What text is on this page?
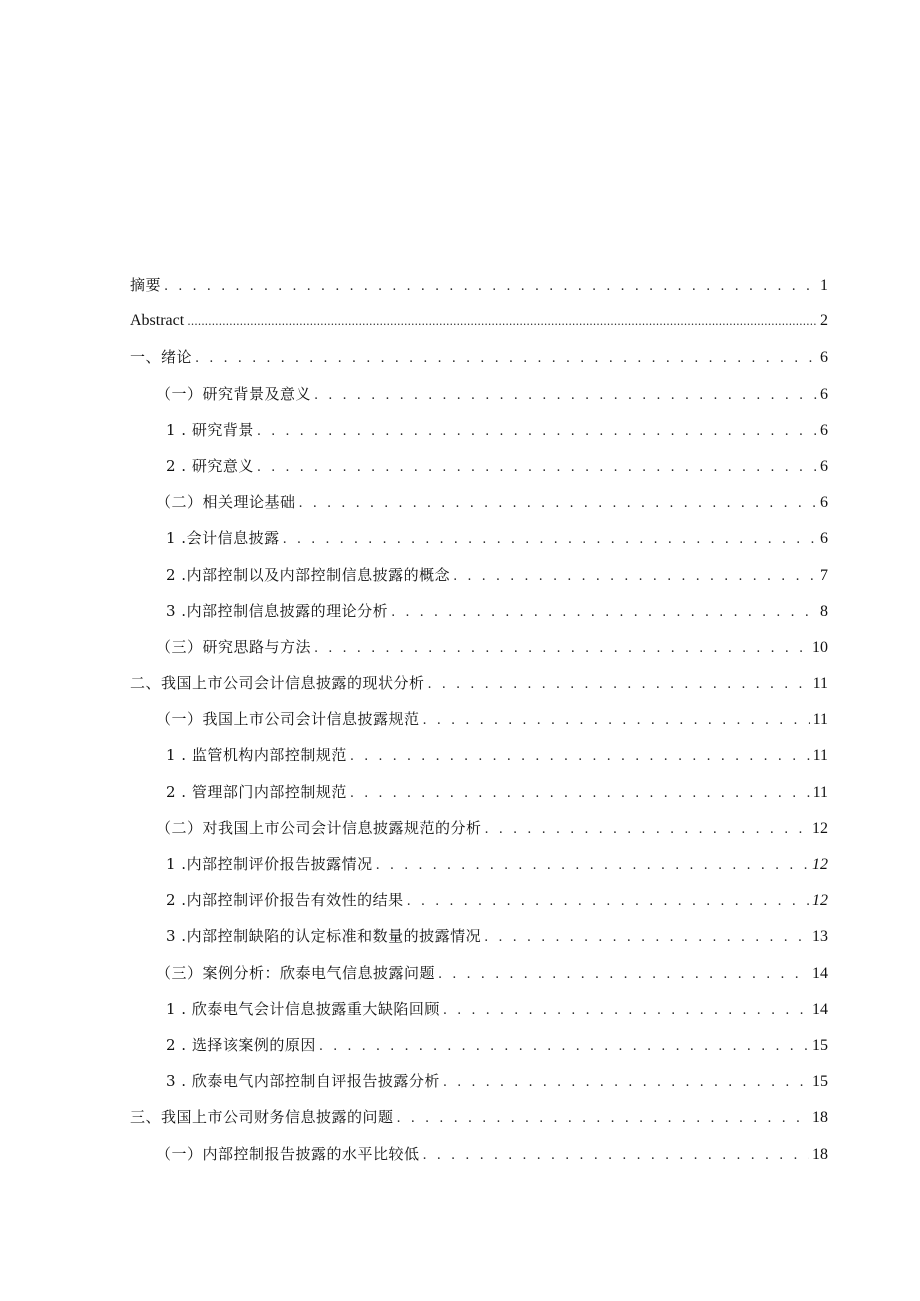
摘要 . . .	1
Abstract .....	2
一、绪论 . . .	6
（一）研究背景及意义 . . .	6
1 . 研究背景 . . .	6
2 . 研究意义 . . .	6
（二）相关理论基础 . . .	6
1 .会计信息披露 . . .	6
2 .内部控制以及内部控制信息披露的概念 . . .	7
3 .内部控制信息披露的理论分析 . . .	8
（三）研究思路与方法 . . .	10
二、我国上市公司会计信息披露的现状分析 . . .	11
（一）我国上市公司会计信息披露规范 . . .	11
1 . 监管机构内部控制规范 . . .	11
2 . 管理部门内部控制规范 . . .	11
（二）对我国上市公司会计信息披露规范的分析 . . .	12
1 .内部控制评价报告披露情况 . . .	12
2 .内部控制评价报告有效性的结果 . . .	12
3 .内部控制缺陷的认定标准和数量的披露情况 . . .	13
（三）案例分析：欣泰电气信息披露问题 . . .	14
1 . 欣泰电气会计信息披露重大缺陷回顾 . . .	14
2 . 选择该案例的原因 . . .	15
3 . 欣泰电气内部控制自评报告披露分析 . . .	15
三、我国上市公司财务信息披露的问题 . . .	18
（一）内部控制报告披露的水平比较低 . . .	18
